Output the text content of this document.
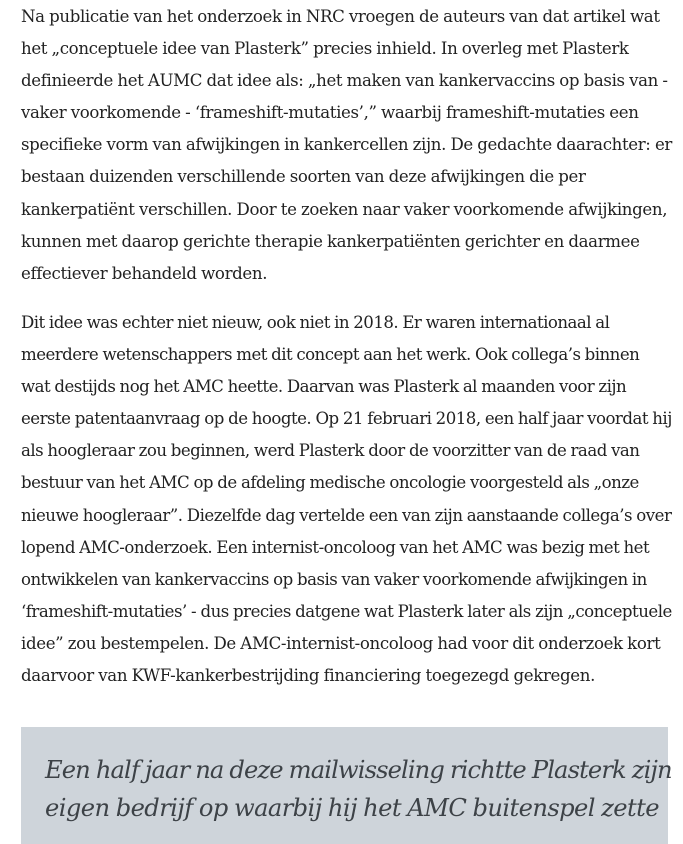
Na publicatie van het onderzoek in NRC vroegen de auteurs van dat artikel wat
het „conceptuele idee van Plasterk” precies inhield. In overleg met Plasterk
definieerde het AUMC dat idee als: „het maken van kankervaccins op basis van -
vaker voorkomende - ‘frameshift-mutaties’,” waarbij frameshift-mutaties een
specifieke vorm van afwijkingen in kankercellen zijn. De gedachte daarachter: er
bestaan duizenden verschillende soorten van deze afwijkingen die per
kankerpatiënt verschillen. Door te zoeken naar vaker voorkomende afwijkingen,
kunnen met daarop gerichte therapie kankerpatiënten gerichter en daarmee
effectiever behandeld worden.

Dit idee was echter niet nieuw, ook niet in 2018. Er waren internationaal al
meerdere wetenschappers met dit concept aan het werk. Ook collega’s binnen
wat destijds nog het AMC heette. Daarvan was Plasterk al maanden voor zijn
eerste patentaanvraag op de hoogte. Op 21 februari 2018, een half jaar voordat hij
als hoogleraar zou beginnen, werd Plasterk door de voorzitter van de raad van
bestuur van het AMC op de afdeling medische oncologie voorgesteld als „onze
nieuwe hoogleraar”. Diezelfde dag vertelde een van zijn aanstaande collega’s over
lopend AMC-onderzoek. Een internist-oncoloog van het AMC was bezig met het
ontwikkelen van kankervaccins op basis van vaker voorkomende afwijkingen in
‘frameshift-mutaties’ - dus precies datgene wat Plasterk later als zijn „conceptuele
idee” zou bestempelen. De AMC-internist-oncoloog had voor dit onderzoek kort
daarvoor van KWF-kankerbestrijding financiering toegezegd gekregen.

Een half jaar na deze mailwisseling richtte Plasterk zijn
eigen bedrijf op waarbij hij het AMC buitenspel zette
